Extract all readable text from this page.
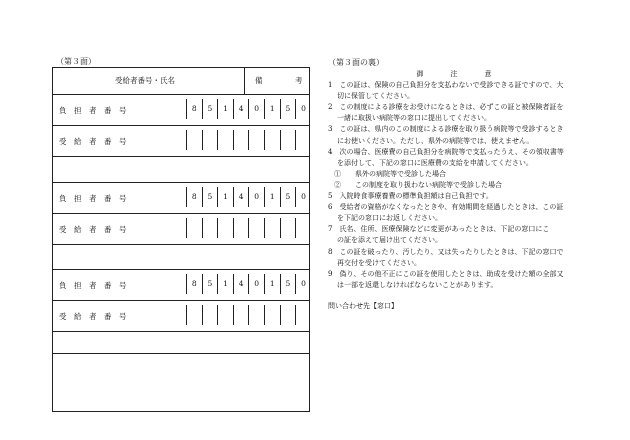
（第３面）	（第３面の裏）
受給者番号・氏名	備	考
負　担　者　番　号	8	5	1	4	0	1	5	0
受　給　者　番　号
負　担　者　番　号	8	5	1	4	0	1	5	0
受　給　者　番　号
負　担　者　番　号	8	5	1	4	0	1	5	0
受　給　者　番　号
御　注　意
1　この証は、保険の自己負担分を支払わないで受診できる証ですので、大
切に保管してください。
2　この制度による診療をお受けになるときは、必ずこの証と被保険者証を
一緒に取扱い病院等の窓口に提出してください。
3　この証は、県内のこの制度による診療を取り扱う病院等で受診するとき
にお使いください。ただし、県外の病院等では、使えません。
4　次の場合、医療費の自己負担分を病院等で支払ったうえ、その領収書等
を添付して、下記の窓口に医療費の支給を申請してください。
①　　県外の病院等で受診した場合
②　　この制度を取り扱わない病院等で受診した場合
5　入院時食事療養費の標準負担額は自己負担です。
6　受給者の資格がなくなったときや、有効期間を経過したときは、この証
を下記の窓口にお返しください。
7　氏名、住所、医療保険などに変更があったときは、下記の窓口にこ
の証を添えて届け出てください。
8　この証を破ったり、汚したり、又は失ったりしたときは、下記の窓口で
再交付を受けてください。
9　偽り、その他不正にこの証を使用したときは、助成を受けた額の全部又
は一部を返還しなければならないことがあります。
問い合わせ先【窓口】
